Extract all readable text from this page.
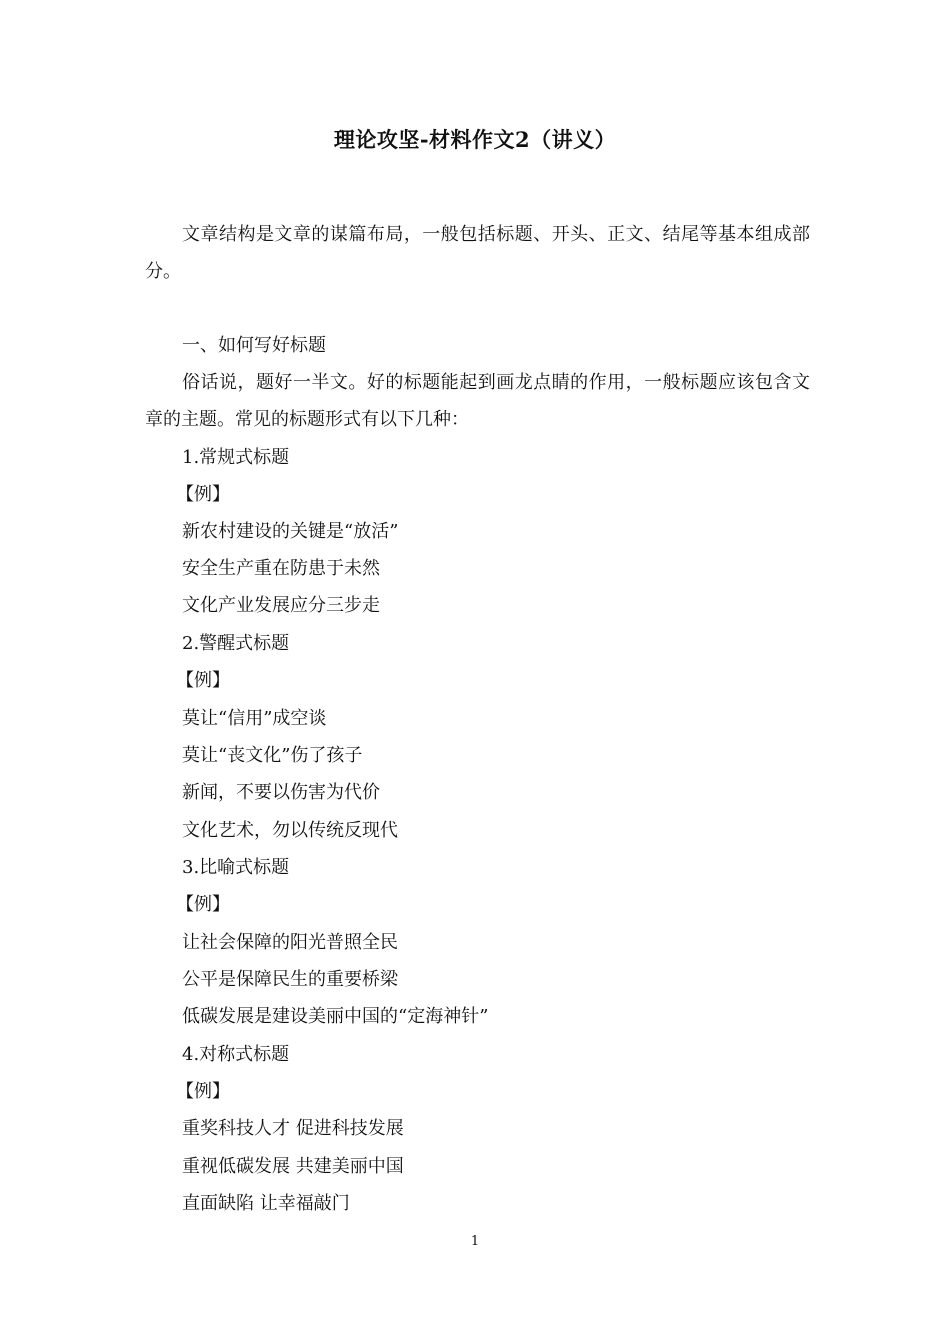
理论攻坚-材料作文2（讲义）

文章结构是文章的谋篇布局，一般包括标题、开头、正文、结尾等基本组成部分。

一、如何写好标题

俗话说，题好一半文。好的标题能起到画龙点睛的作用，一般标题应该包含文章的主题。常见的标题形式有以下几种：

1.常规式标题
【例】
新农村建设的关键是“放活”
安全生产重在防患于未然
文化产业发展应分三步走
2.警醒式标题
【例】
莫让“信用”成空谈
莫让“丧文化”伤了孩子
新闻，不要以伤害为代价
文化艺术，勿以传统反现代
3.比喻式标题
【例】
让社会保障的阳光普照全民
公平是保障民生的重要桥梁
低碳发展是建设美丽中国的“定海神针”
4.对称式标题
【例】
重奖科技人才 促进科技发展
重视低碳发展 共建美丽中国
直面缺陷 让幸福敲门
1
